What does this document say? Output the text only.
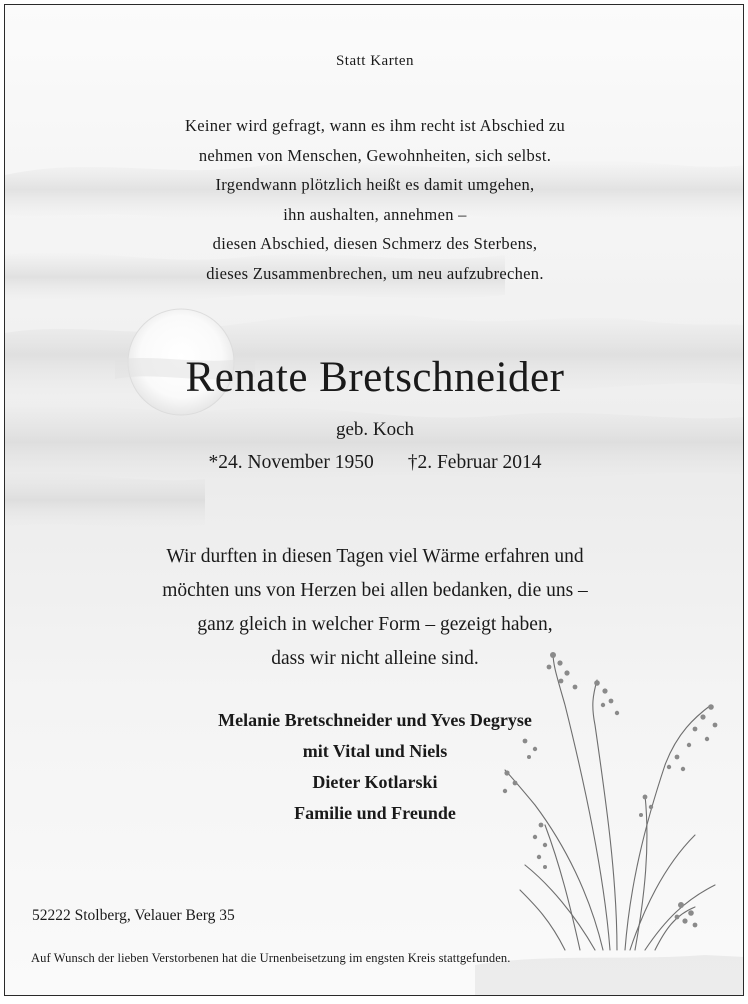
Statt Karten
Keiner wird gefragt, wann es ihm recht ist Abschied zu
nehmen von Menschen, Gewohnheiten, sich selbst.
Irgendwann plötzlich heißt es damit umgehen,
ihn aushalten, annehmen –
diesen Abschied, diesen Schmerz des Sterbens,
dieses Zusammenbrechen, um neu aufzubrechen.
Renate Bretschneider
geb. Koch
*24. November 1950 †2. Februar 2014
Wir durften in diesen Tagen viel Wärme erfahren und
möchten uns von Herzen bei allen bedanken, die uns –
ganz gleich in welcher Form – gezeigt haben,
dass wir nicht alleine sind.
Melanie Bretschneider und Yves Degryse
mit Vital und Niels
Dieter Kotlarski
Familie und Freunde
52222 Stolberg, Velauer Berg 35
Auf Wunsch der lieben Verstorbenen hat die Urnenbeisetzung im engsten Kreis stattgefunden.
